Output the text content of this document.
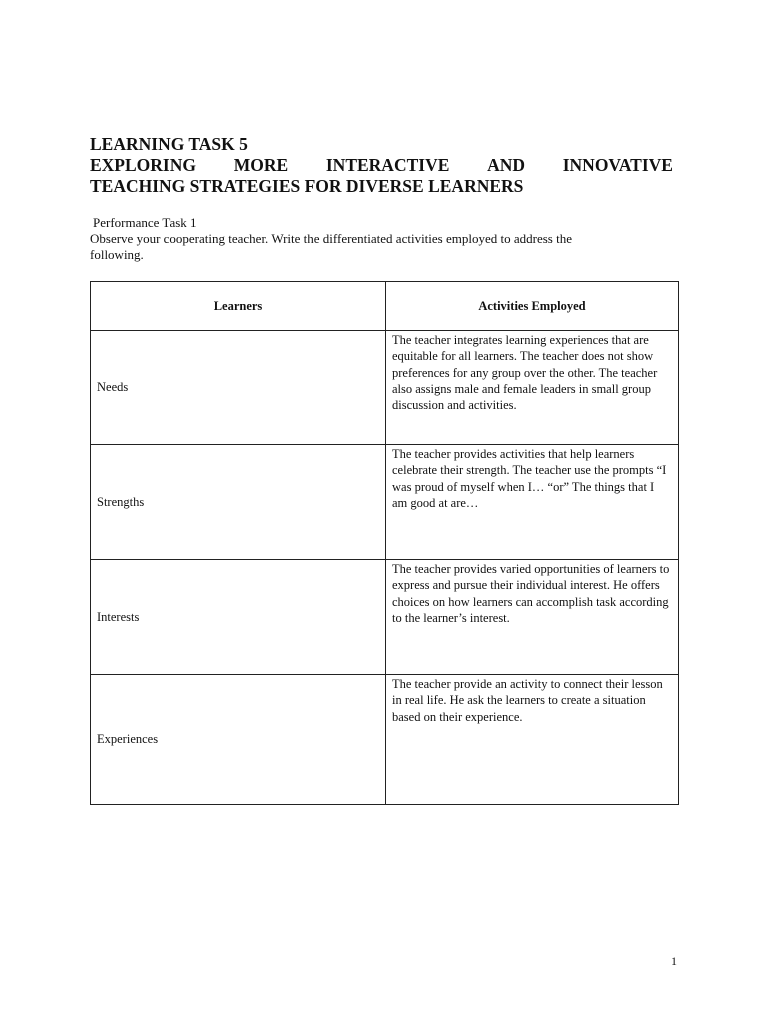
LEARNING TASK 5
EXPLORING MORE INTERACTIVE AND INNOVATIVE
TEACHING STRATEGIES FOR DIVERSE LEARNERS
Performance Task 1
Observe your cooperating teacher. Write the differentiated activities employed to address the following.
Learners	Activities Employed
Needs	The teacher integrates learning experiences that are equitable for all learners. The teacher does not show preferences for any group over the other. The teacher also assigns male and female leaders in small group discussion and activities.
Strengths	The teacher provides activities that help learners celebrate their strength. The teacher use the prompts “I was proud of myself when I… “or” The things that I am good at are…
Interests	The teacher provides varied opportunities of learners to express and pursue their individual interest. He offers choices on how learners can accomplish task according to the learner’s interest.
Experiences	The teacher provide an activity to connect their lesson in real life. He ask the learners to create a situation based on their experience.
1
